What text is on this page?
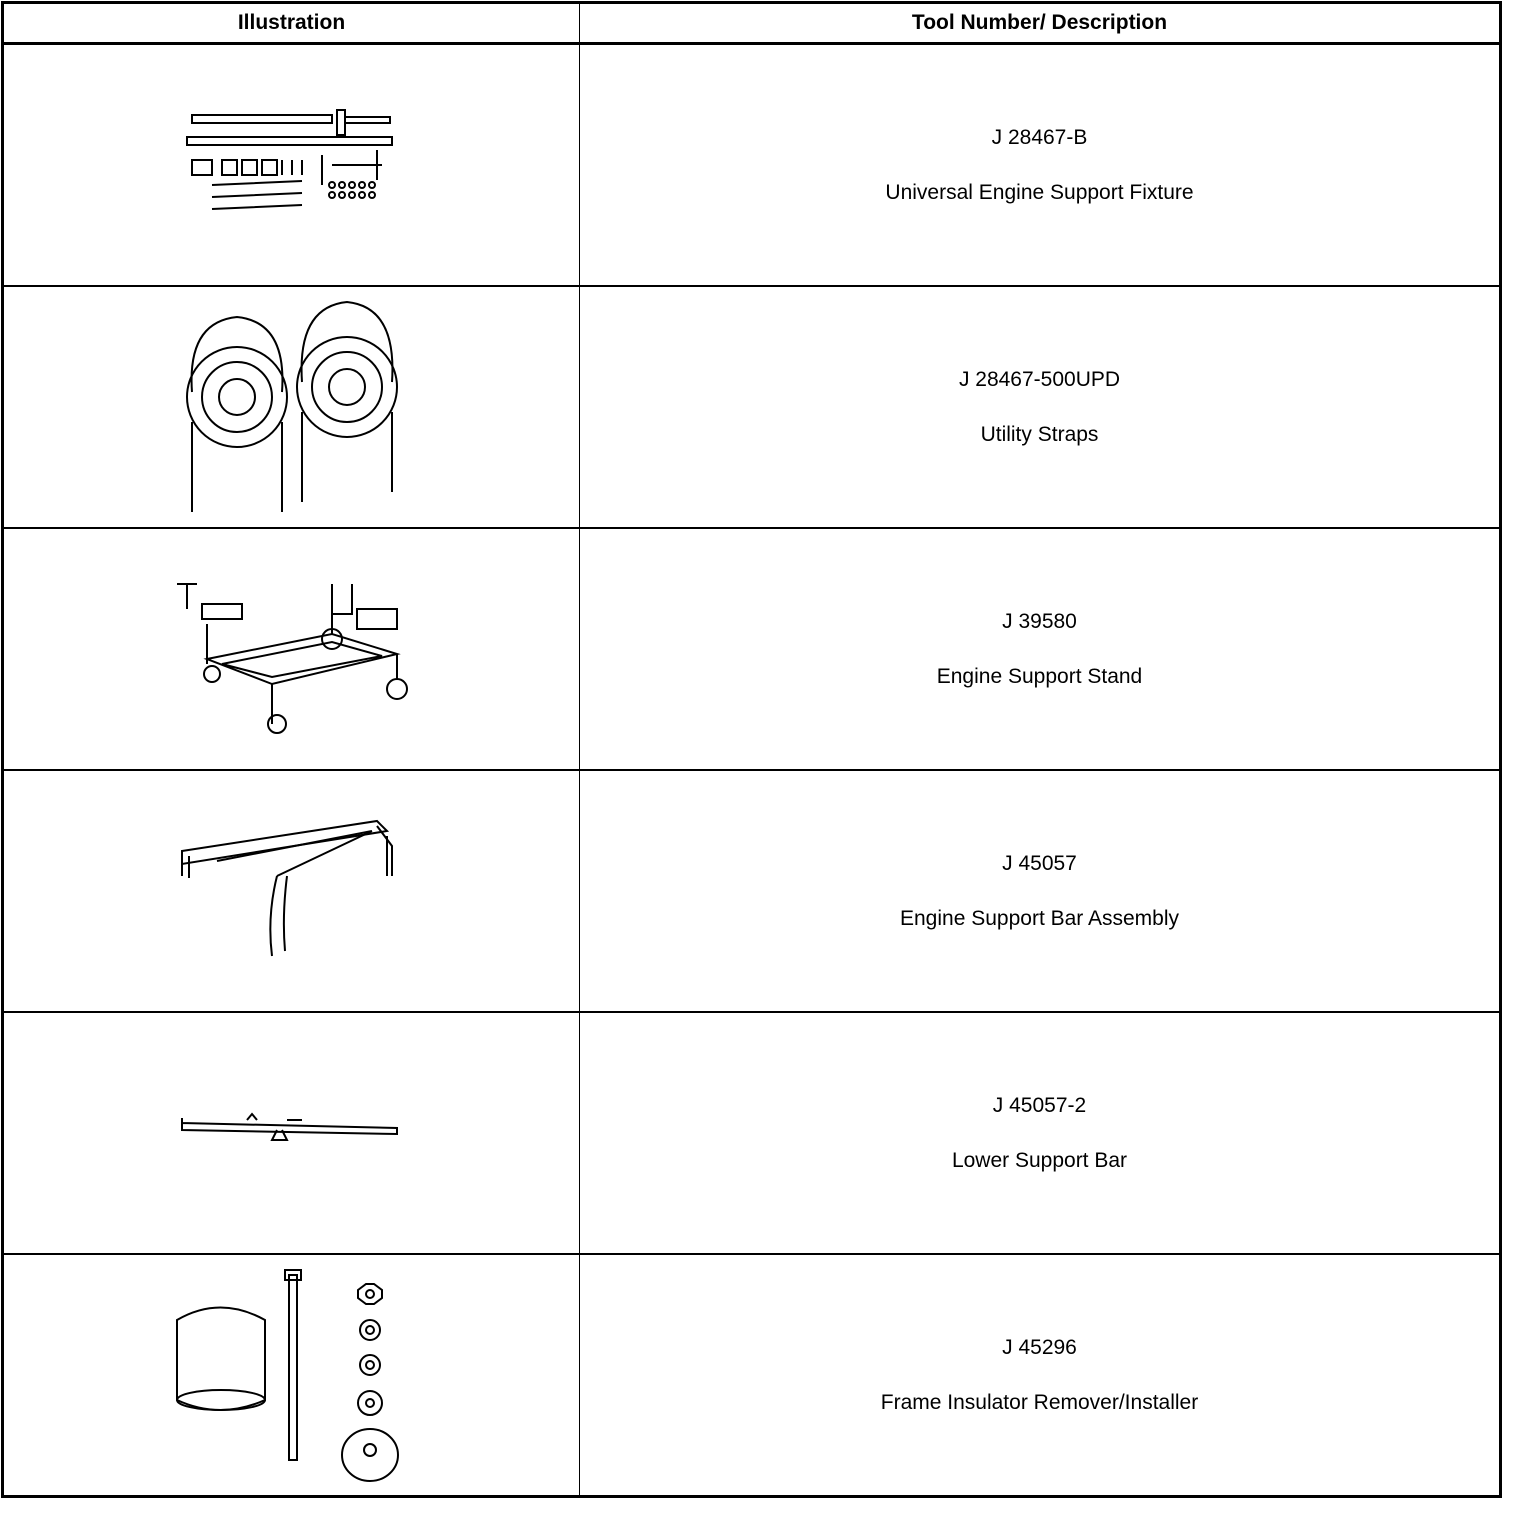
Illustration	Tool Number/ Description

J 28467-B
Universal Engine Support Fixture

J 28467-500UPD
Utility Straps

J 39580
Engine Support Stand

J 45057
Engine Support Bar Assembly

J 45057-2
Lower Support Bar

J 45296
Frame Insulator Remover/Installer
